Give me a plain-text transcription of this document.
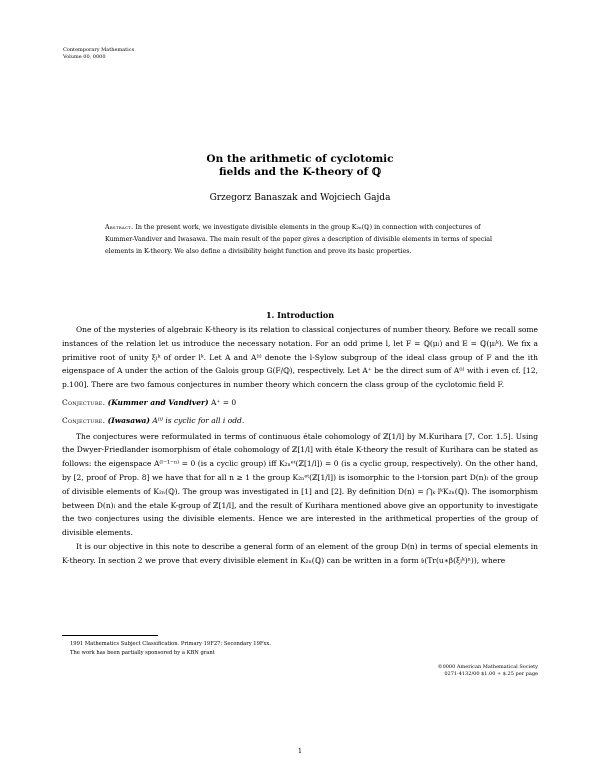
Contemporary Mathematics
Volume 00, 0000
On the arithmetic of cyclotomic
fields and the K-theory of ℚ
Grzegorz Banaszak and Wojciech Gajda
Abstract. In the present work, we investigate divisible elements in the group K₂ₙ(ℚ) in connection with conjectures of Kummer-Vandiver and Iwasawa. The main result of the paper gives a description of divisible elements in terms of special elements in K-theory. We also define a divisibility height function and prove its basic properties.
1. Introduction

One of the mysteries of algebraic K-theory is its relation to classical conjectures of number theory. Before we recall some instances of the relation let us introduce the necessary notation. For an odd prime l, let F = ℚ(μₗ) and E = ℚ(μₗᵏ). We fix a primitive root of unity ξₗᵏ of order lᵏ. Let A and A⁽ⁱ⁾ denote the l-Sylow subgroup of the ideal class group of F and the ith eigenspace of A under the action of the Galois group G(F/ℚ), respectively. Let A⁺ be the direct sum of A⁽ⁱ⁾ with i even cf. [12, p.100]. There are two famous conjectures in number theory which concern the class group of the cyclotomic field F.

Conjecture. (Kummer and Vandiver) A⁺ = 0

Conjecture. (Iwasawa) A⁽ⁱ⁾ is cyclic for all i odd.

The conjectures were reformulated in terms of continuous étale cohomology of ℤ[1/l] by M.Kurihara [7, Cor. 1.5]. Using the Dwyer-Friedlander isomorphism of étale cohomology of ℤ[1/l] with étale K-theory the result of Kurihara can be stated as follows: the eigenspace A⁽ˡ⁻¹⁻ⁿ⁾ = 0 (is a cyclic group) iff K₂ₙᵉᵗ(ℤ[1/l]) = 0 (is a cyclic group, respectively). On the other hand, by [2, proof of Prop. 8] we have that for all n ≥ 1 the group K₂ₙᵉᵗ(ℤ[1/l]) is isomorphic to the l-torsion part D(n)ₗ of the group of divisible elements of K₂ₙ(ℚ). The group was investigated in [1] and [2]. By definition D(n) = ⋂ₖ lᵏK₂ₙ(ℚ). The isomorphism between D(n)ₗ and the etale K-group of ℤ[1/l], and the result of Kurihara mentioned above give an opportunity to investigate the two conjectures using the divisible elements. Hence we are interested in the arithmetical properties of the group of divisible elements.

It is our objective in this note to describe a general form of an element of the group D(n) in terms of special elements in K-theory. In section 2 we prove that every divisible element in K₂ₙ(ℚ) can be written in a form 𝔟(Tr(u∗β(ξₗᵏ)ⁿ)), where

1991 Mathematics Subject Classification. Primary 19F27; Secondary 19Fxx.

The work has been partially sponsored by a KBN grant

©0000 American Mathematical Society
0271-4132/00 $1.00 + $.25 per page
1
